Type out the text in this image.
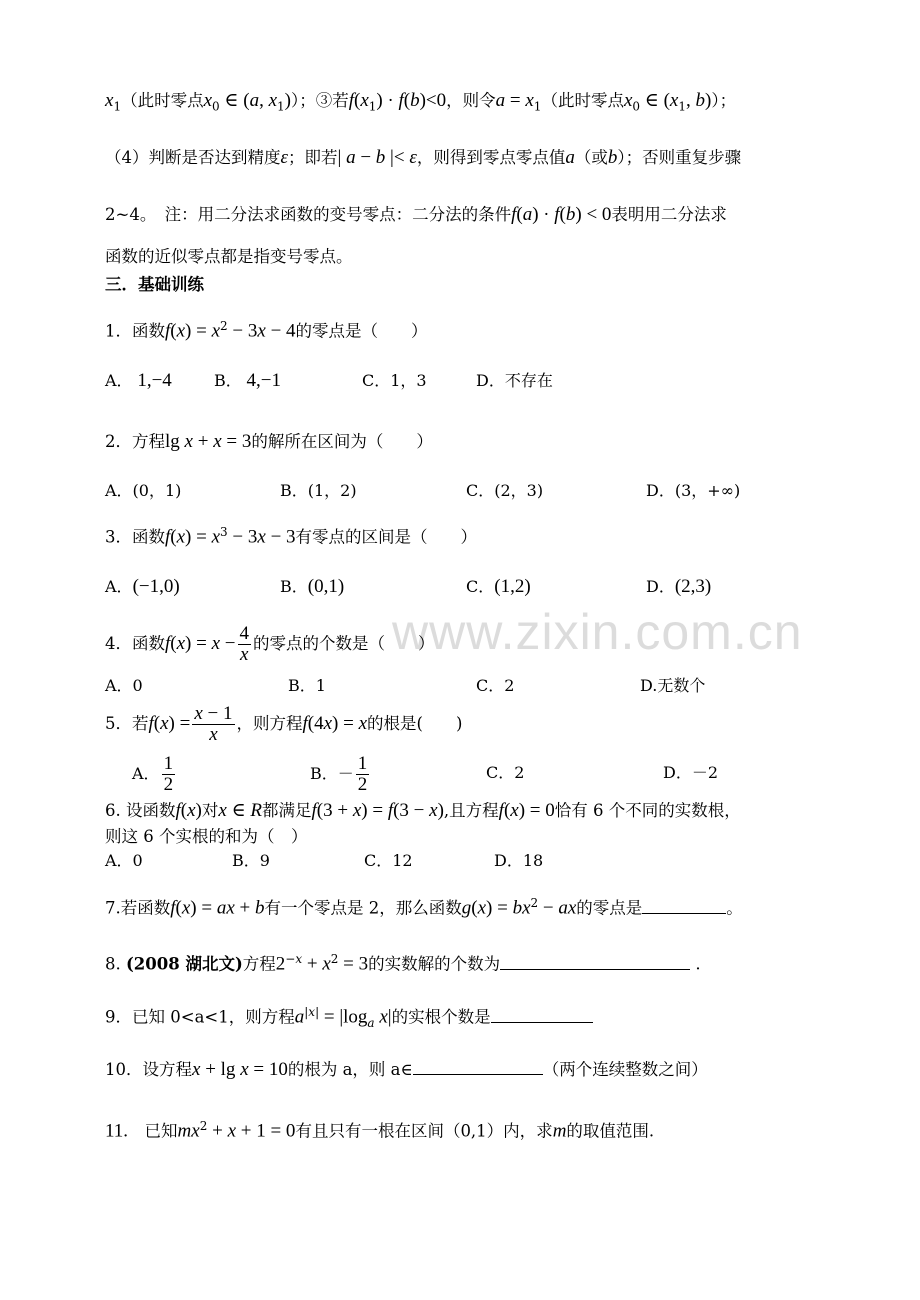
www.zixin.com.cn
$x_1$（此时零点$x_0$ ∈ (a, $x_1$)）；③若$f(x_1) \cdot f(b)<0$，则令$a = x_1$（此时零点$x_0$ ∈ ($x_1$, b)）；
（4）判断是否达到精度ε；即若| a − b |< ε，则得到零点零点值a（或b）；否则重复步骤
2~4。　注：用二分法求函数的变号零点：二分法的条件f(a) · f(b) < 0表明用二分法求
函数的近似零点都是指变号零点。
三．基础训练
1．函数$f(x) = x^2 - 3x - 4$的零点是（　　）
A． 1,−4	B． 4,−1	C．1，3	D．不存在
2．方程lg x + x = 3的解所在区间为（　　）
A．(0，1)	B．(1，2)	C．(2，3)	D．(3，+∞)
3．函数$f(x) = x^3 - 3x - 3$有零点的区间是（　　）
A．(−1,0)	B．(0,1)	C．(1,2)	D．(2,3)
4．函数$f(x) = x - \frac{4}{x}$ 的零点的个数是（　　）
A．0	B．1	C．2	D.无数个
5．若$f(x) = \frac{x - 1}{x}$ ，则方程f(4x) = x的根是(　　)
A． $\frac{1}{2}$	B．－ $\frac{1}{2}$	C．2	D．－2
6. 设函数f(x)对x ∈ R都满足f(3 + x) = f(3 − x),且方程f(x) = 0恰有 6 个不同的实数根，
则这 6 个实根的和为（　）
A．0	B．9	C．12	D．18
7.若函数f(x) = ax + b有一个零点是 2，那么函数$g(x) = bx^2$ − ax的零点是	。
8. (2008 湖北文)方程$2^{-x} + x^2 = 3$的实数解的个数为	.
9．已知 0<a<1，则方程$a^{|x|} = |\log_a$ x|的实根个数是
10．设方程x + lg x = 10的根为 a，则 a∈	（两个连续整数之间）
11.　 已知$mx^2 + x + 1 = 0$有且只有一根在区间（0,1）内，求m的取值范围.
